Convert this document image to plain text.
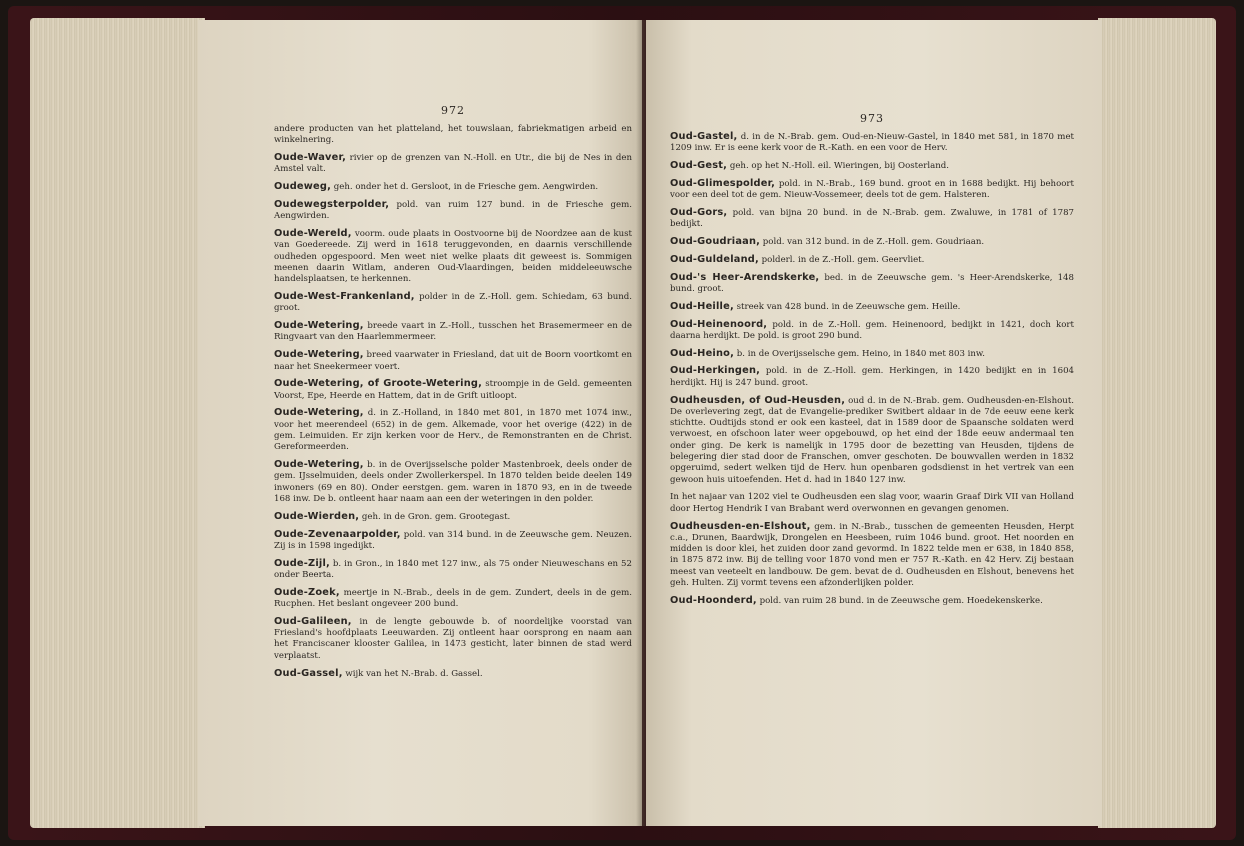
972

andere producten van het platteland, het touwslaan, fabriekmatigen arbeid en winkelnering.

Oude-Waver, rivier op de grenzen van N.-Holl. en Utr., die bij de Nes in den Amstel valt.

Oudeweg, geh. onder het d. Gersloot, in de Friesche gem. Aengwirden.

Oudewegsterpolder, pold. van ruim 127 bund. in de Friesche gem. Aengwirden.

Oude-Wereld, voorm. oude plaats in Oostvoorne bij de Noordzee aan de kust van Goedereede. Zij werd in 1618 teruggevonden, en daarnis verschillende oudheden opgespoord. Men weet niet welke plaats dit geweest is. Sommigen meenen daarin Witlam, anderen Oud-Vlaardingen, beiden middeleeuwsche handelsplaatsen, te herkennen.

Oude-West-Frankenland, polder in de Z.-Holl. gem. Schiedam, 63 bund. groot.

Oude-Wetering, breede vaart in Z.-Holl., tusschen het Brasemermeer en de Ringvaart van den Haarlemmermeer.

Oude-Wetering, breed vaarwater in Friesland, dat uit de Boorn voortkomt en naar het Sneekermeer voert.

Oude-Wetering, of Groote-Wetering, stroompje in de Geld. gemeenten Voorst, Epe, Heerde en Hattem, dat in de Grift uitloopt.

Oude-Wetering, d. in Z.-Holland, in 1840 met 801, in 1870 met 1074 inw., voor het meerendeel (652) in de gem. Alkemade, voor het overige (422) in de gem. Leimuiden. Er zijn kerken voor de Herv., de Remonstranten en de Christ. Gereformeerden.

Oude-Wetering, b. in de Overijsselsche polder Mastenbroek, deels onder de gem. IJsselmuiden, deels onder Zwollerkerspel. In 1870 telden beide deelen 149 inwoners (69 en 80). Onder eerstgen. gem. waren in 1870 93, en in de tweede 168 inw. De b. ontleent haar naam aan een der weteringen in den polder.

Oude-Wierden, geh. in de Gron. gem. Grootegast.

Oude-Zevenaarpolder, pold. van 314 bund. in de Zeeuwsche gem. Neuzen. Zij is in 1598 ingedijkt.

Oude-Zijl, b. in Gron., in 1840 met 127 inw., als 75 onder Nieuweschans en 52 onder Beerta.

Oude-Zoek, meertje in N.-Brab., deels in de gem. Zundert, deels in de gem. Rucphen. Het beslant ongeveer 200 bund.

Oud-Galileen, in de lengte gebouwde b. of noordelijke voorstad van Friesland's hoofdplaats Leeuwarden. Zij ontleent haar oorsprong en naam aan het Franciscaner klooster Galilea, in 1473 gesticht, later binnen de stad werd verplaatst.

Oud-Gassel, wijk van het N.-Brab. d. Gassel.

973

Oud-Gastel, d. in de N.-Brab. gem. Oud-en-Nieuw-Gastel, in 1840 met 581, in 1870 met 1209 inw. Er is eene kerk voor de R.-Kath. en een voor de Herv.

Oud-Gest, geh. op het N.-Holl. eil. Wieringen, bij Oosterland.

Oud-Glimespolder, pold. in N.-Brab., 169 bund. groot en in 1688 bedijkt. Hij behoort voor een deel tot de gem. Nieuw-Vossemeer, deels tot de gem. Halsteren.

Oud-Gors, pold. van bijna 20 bund. in de N.-Brab. gem. Zwaluwe, in 1781 of 1787 bedijkt.

Oud-Goudriaan, pold. van 312 bund. in de Z.-Holl. gem. Goudriaan.

Oud-Guldeland, polderl. in de Z.-Holl. gem. Geervliet.

Oud-'s Heer-Arendskerke, bed. in de Zeeuwsche gem. 's Heer-Arendskerke, 148 bund. groot.

Oud-Heille, streek van 428 bund. in de Zeeuwsche gem. Heille.

Oud-Heinenoord, pold. in de Z.-Holl. gem. Heinenoord, bedijkt in 1421, doch kort daarna herdijkt. De pold. is groot 290 bund.

Oud-Heino, b. in de Overijsselsche gem. Heino, in 1840 met 803 inw.

Oud-Herkingen, pold. in de Z.-Holl. gem. Herkingen, in 1420 bedijkt en in 1604 herdijkt. Hij is 247 bund. groot.

Oudheusden, of Oud-Heusden, oud d. in de N.-Brab. gem. Oudheusden-en-Elshout. De overlevering zegt, dat de Evangelie-prediker Switbert aldaar in de 7de eeuw eene kerk stichtte. Oudtijds stond er ook een kasteel, dat in 1589 door de Spaansche soldaten werd verwoest, en ofschoon later weer opgebouwd, op het eind der 18de eeuw andermaal ten onder ging. De kerk is namelijk in 1795 door de bezetting van Heusden, tijdens de belegering dier stad door de Franschen, omver geschoten. De bouwvallen werden in 1832 opgeruimd, sedert welken tijd de Herv. hun openbaren godsdienst in het vertrek van een gewoon huis uitoefenden. Het d. had in 1840 127 inw.

In het najaar van 1202 viel te Oudheusden een slag voor, waarin Graaf Dirk VII van Holland door Hertog Hendrik I van Brabant werd overwonnen en gevangen genomen.

Oudheusden-en-Elshout, gem. in N.-Brab., tusschen de gemeenten Heusden, Herpt c.a., Drunen, Baardwijk, Drongelen en Heesbeen, ruim 1046 bund. groot. Het noorden en midden is door klei, het zuiden door zand gevormd. In 1822 telde men er 638, in 1840 858, in 1875 872 inw. Bij de telling voor 1870 vond men er 757 R.-Kath. en 42 Herv. Zij bestaan meest van veeteelt en landbouw. De gem. bevat de d. Oudheusden en Elshout, benevens het geh. Hulten. Zij vormt tevens een afzonderlijken polder.

Oud-Hoonderd, pold. van ruim 28 bund. in de Zeeuwsche gem. Hoedekenskerke.
